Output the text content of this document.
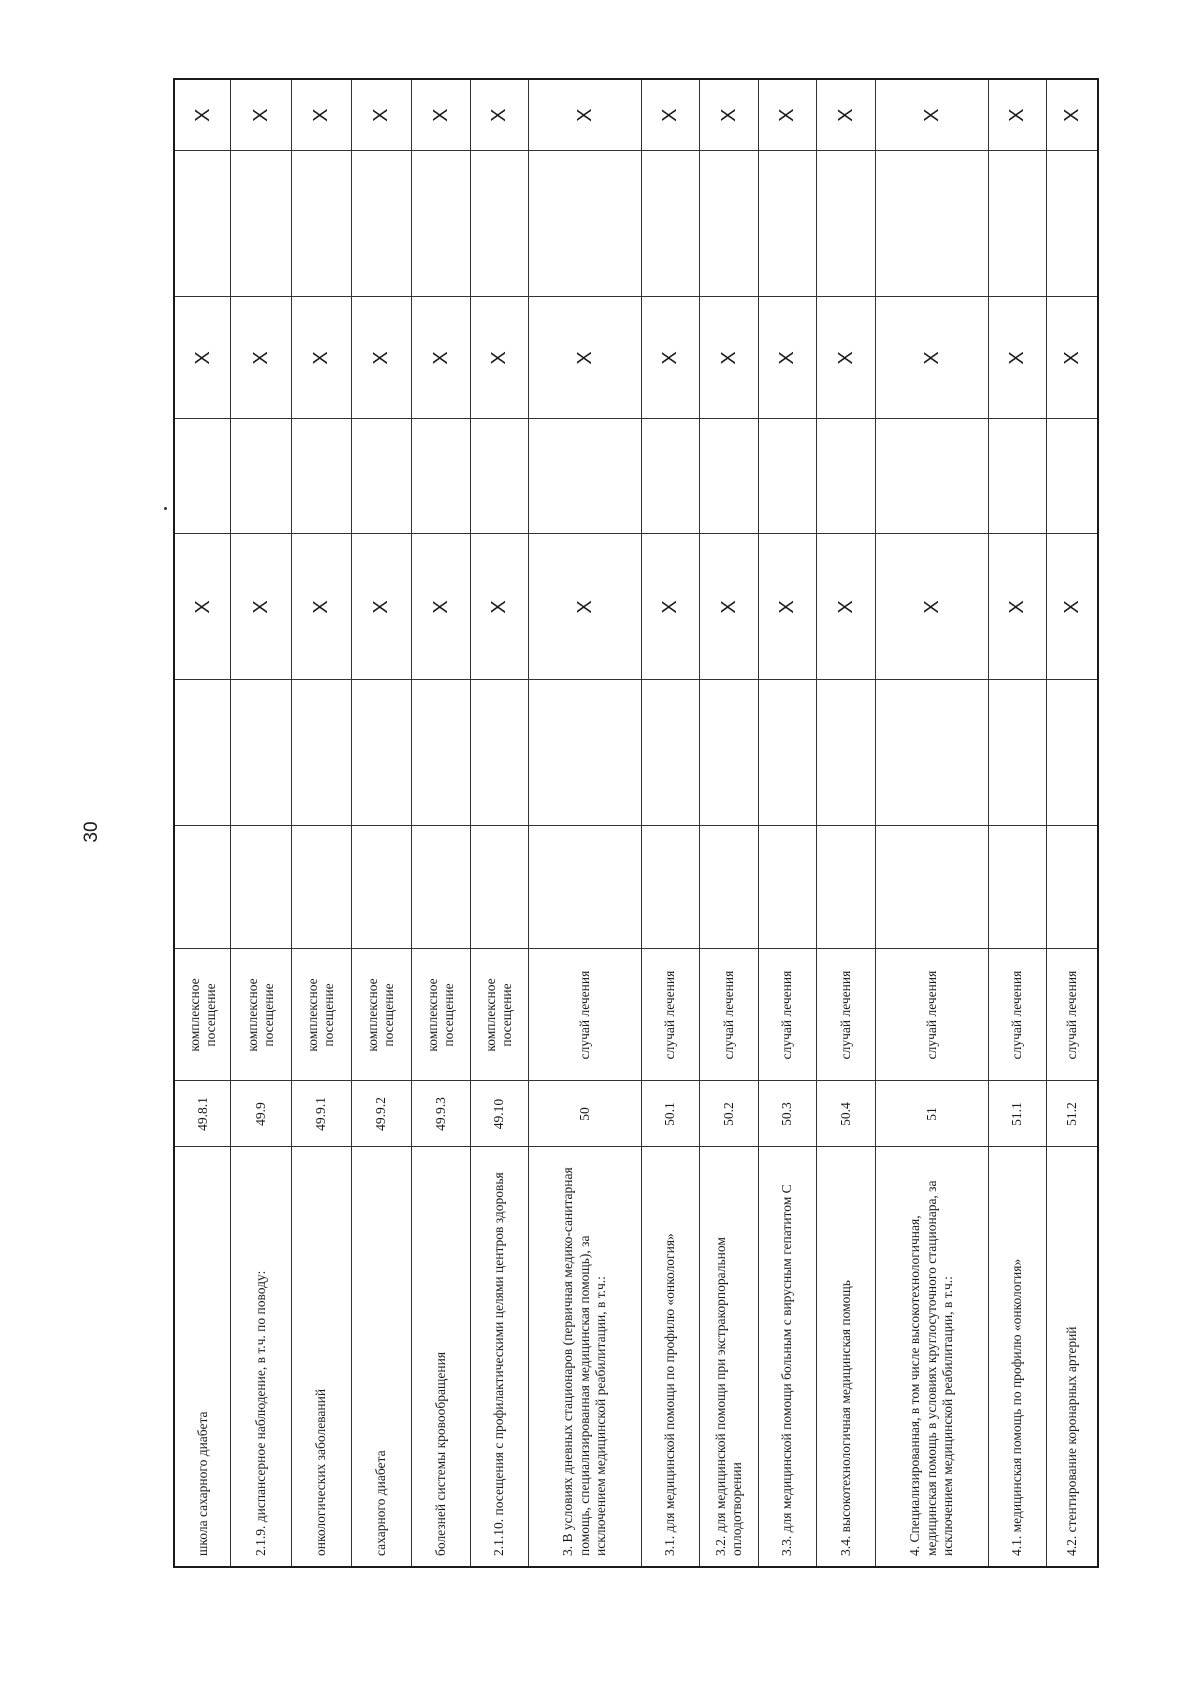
30
школа сахарного диабета	49.8.1	комплексное посещение			X		X		X
2.1.9. диспансерное наблюдение, в т.ч. по поводу:	49.9	комплексное посещение			X		X		X
онкологических заболеваний	49.9.1	комплексное посещение			X		X		X
сахарного диабета	49.9.2	комплексное посещение			X		X		X
болезней системы кровообращения	49.9.3	комплексное посещение			X		X		X
2.1.10. посещения с профилактическими целями центров здоровья	49.10	комплексное посещение			X		X		X
3. В условиях дневных стационаров (первичная медико-санитарная помощь, специализированная медицинская помощь), за исключением медицинской реабилитации, в т.ч.:	50	случай лечения			X		X		X
3.1. для медицинской помощи по профилю «онкология»	50.1	случай лечения			X		X		X
3.2. для медицинской помощи при экстракорпоральном оплодотворении	50.2	случай лечения			X		X		X
3.3. для медицинской помощи больным с вирусным гепатитом С	50.3	случай лечения			X		X		X
3.4. высокотехнологичная медицинская помощь	50.4	случай лечения			X		X		X
4. Специализированная, в том числе высокотехнологичная, медицинская помощь в условиях круглосуточного стационара, за исключением медицинской реабилитации, в т.ч.:	51	случай лечения			X		X		X
4.1. медицинская помощь по профилю «онкология»	51.1	случай лечения			X		X		X
4.2. стентирование коронарных артерий	51.2	случай лечения			X		X		X
